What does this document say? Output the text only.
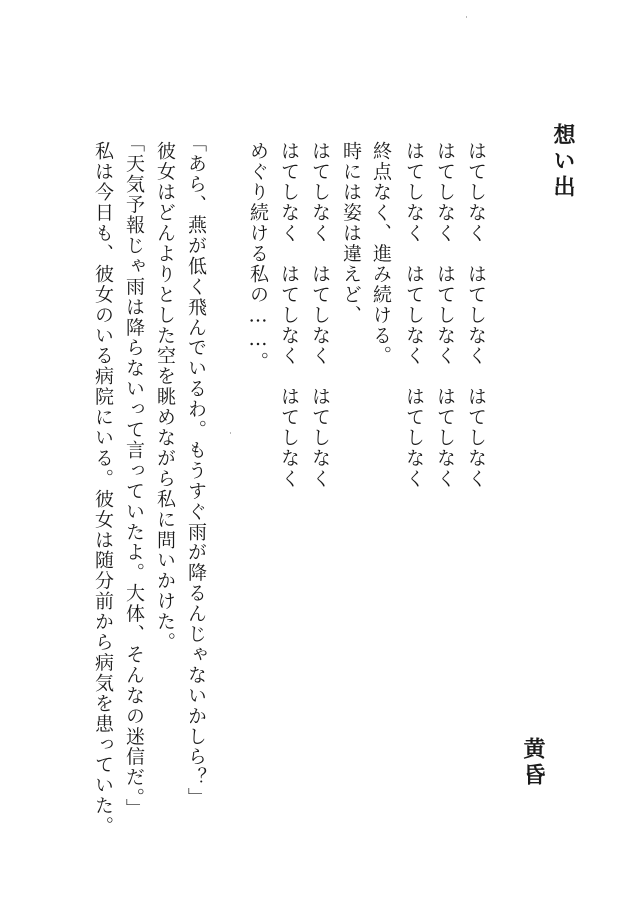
想い出
はてしなく　はてしなく　はてしなく
はてしなく　はてしなく　はてしなく
はてしなく　はてしなく　はてしなく
終点なく、進み続ける。
時には姿は違えど、
はてしなく　はてしなく　はてしなく
はてしなく　はてしなく　はてしなく
めぐり続ける私の……。
「あら、燕が低く飛んでいるわ。もうすぐ雨が降るんじゃないかしら？」
彼女はどんよりとした空を眺めながら私に問いかけた。
「天気予報じゃ雨は降らないって言っていたよ。大体、そんなの迷信だ。」
私は今日も、彼女のいる病院にいる。彼女は随分前から病気を患っていた。	黄昏
